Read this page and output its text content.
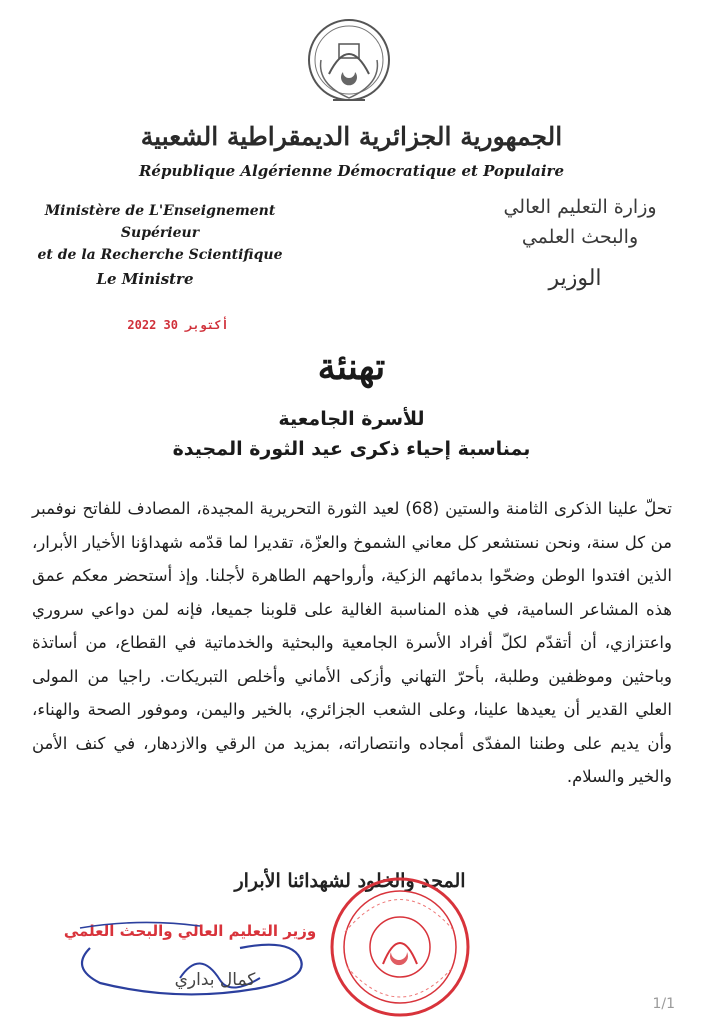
الجمهورية الجزائرية الديمقراطية الشعبية
République Algérienne Démocratique et Populaire
Ministère de L'Enseignement Supérieur
et de la Recherche Scientifique
وزارة التعليم العالي
والبحث العلمي
Le Ministre	الوزير
2022 أكتوبر 30
تهنئة
للأسرة الجامعية
بمناسبة إحياء ذكرى عيد الثورة المجيدة
تحلّ علينا الذكرى الثامنة والستين (68) لعيد الثورة التحريرية المجيدة، المصادف للفاتح نوفمبر من كل سنة، ونحن نستشعر كل معاني الشموخ والعزّة، تقديرا لما قدّمه شهداؤنا الأخيار الأبرار، الذين افتدوا الوطن وضحّوا بدمائهم الزكية، وأرواحهم الطاهرة لأجلنا. وإذ أستحضر معكم عمق هذه المشاعر السامية، في هذه المناسبة الغالية على قلوبنا جميعا، فإنه لمن دواعي سروري واعتزازي، أن أتقدّم لكلّ أفراد الأسرة الجامعية والبحثية والخدماتية في القطاع، من أساتذة وباحثين وموظفين وطلبة، بأحرّ التهاني وأزكى الأماني وأخلص التبريكات. راجيا من المولى العلي القدير أن يعيدها علينا، وعلى الشعب الجزائري، بالخير واليمن، وموفور الصحة والهناء، وأن يديم على وطننا المفدّى أمجاده وانتصاراته، بمزيد من الرقي والازدهار، في كنف الأمن والخير والسلام.
المجد والخلود لشهدائنا الأبرار
وزير التعليم العالي والبحث العلمي
كمال بداري
1/1
